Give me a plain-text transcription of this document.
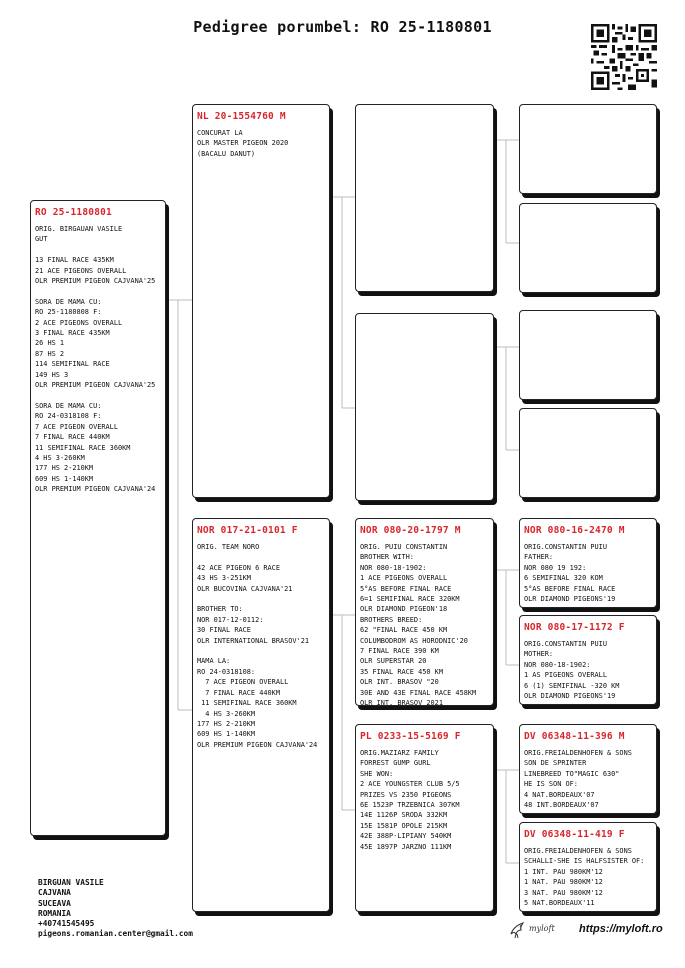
Pedigree porumbel: RO 25-1180801
RO 25-1180801
ORIG. BIRGAUAN VASILE
GUT

13 FINAL RACE 435KM
21 ACE PIGEONS OVERALL
OLR PREMIUM PIGEON CAJVANA'25

SORA DE MAMA CU:
RO 25-1180808 F:
2 ACE PIGEONS OVERALL
3 FINAL RACE 435KM
26 HS 1
87 HS 2
114 SEMIFINAL RACE
149 HS 3
OLR PREMIUM PIGEON CAJVANA'25

SORA DE MAMA CU:
RO 24-0318108 F:
7 ACE PIGEON OVERALL
7 FINAL RACE 440KM
11 SEMIFINAL RACE 360KM
4 HS 3-260KM
177 HS 2-210KM
609 HS 1-140KM
OLR PREMIUM PIGEON CAJVANA'24
NL 20-1554760 M
CONCURAT LA
OLR MASTER PIGEON 2020
(BACALU DANUT)
NOR 017-21-0101 F
ORIG. TEAM NORO

42 ACE PIGEON 6 RACE
43 HS 3-251KM
OLR BUCOVINA CAJVANA'21

BROTHER TO:
NOR 017-12-0112:
30 FINAL RACE
OLR INTERNATIONAL BRASOV'21

MAMA LA:
RO 24-0318108:
7 ACE PIGEON OVERALL
7 FINAL RACE 440KM
11 SEMIFINAL RACE 360KM
4 HS 3-260KM
177 HS 2-210KM
609 HS 1-140KM
OLR PREMIUM PIGEON CAJVANA'24
NOR 080-20-1797 M
ORIG. PUIU CONSTANTIN
BROTHER WITH:
NOR 080-18-1902:
1 ACE PIGEONS OVERALL
5°AS BEFORE FINAL RACE
6=1 SEMIFINAL RACE 320KM
OLR DIAMOND PIGEON'18
BROTHERS BREED:
62 "FINAL RACE 450 KM
COLUMBODROM AS HORODNIC'20
7 FINAL RACE 390 KM
OLR SUPERSTAR 20
35 FINAL RACE 450 KM
OLR INT. BRASOV "20
30E AND 43E FINAL RACE 458KM
OLR INT. BRASOV 2021
PL 0233-15-5169 F
ORIG.MAZIARZ FAMILY
FORREST GUMP GURL
SHE WON:
2 ACE YOUNGSTER CLUB 5/5
PRIZES VS 2350 PIGEONS
6E 1523P TRZEBNICA 307KM
14E 1126P SRODA 332KM
15E 1581P OPOLE 215KM
42E 388P-LIPIANY 540KM
45E 1897P JARZNO 111KM
NOR 080-16-2470 M
ORIG.CONSTANTIN PUIU
FATHER:
NOR 080 19 192:
6 SEMIFINAL 320 KOM
5°AS BEFORE FINAL RACE
OLR DIAMOND PIGEONS'19
NOR 080-17-1172 F
ORIG.CONSTANTIN PUIU
MOTHER:
NOR 080-18-1902:
1 AS PIGEONS OVERALL
6 (1) SEMIFINAL -320 KM
OLR DIAMOND PIGEONS'19
DV 06348-11-396 M
ORIG.FREIALDENHOFEN & SONS
SON DE SPRINTER
LINEBREED TO"MAGIC 630"
HE IS SON OF:
4 NAT.BORDEAUX'07
48 INT.BORDEAUX'07
DV 06348-11-419 F
ORIG.FREIALDENHOFEN & SONS
SCHALLI-SHE IS HALFSISTER OF:
1 INT. PAU 980KM'12
1 NAT. PAU 980KM'12
3 NAT. PAU 980KM'12
5 NAT.BORDEAUX'11
BIRGUAN VASILE
CAJVANA
SUCEAVA
ROMANIA
+40741545495
pigeons.romanian.center@gmail.com
myloft https://myloft.ro
